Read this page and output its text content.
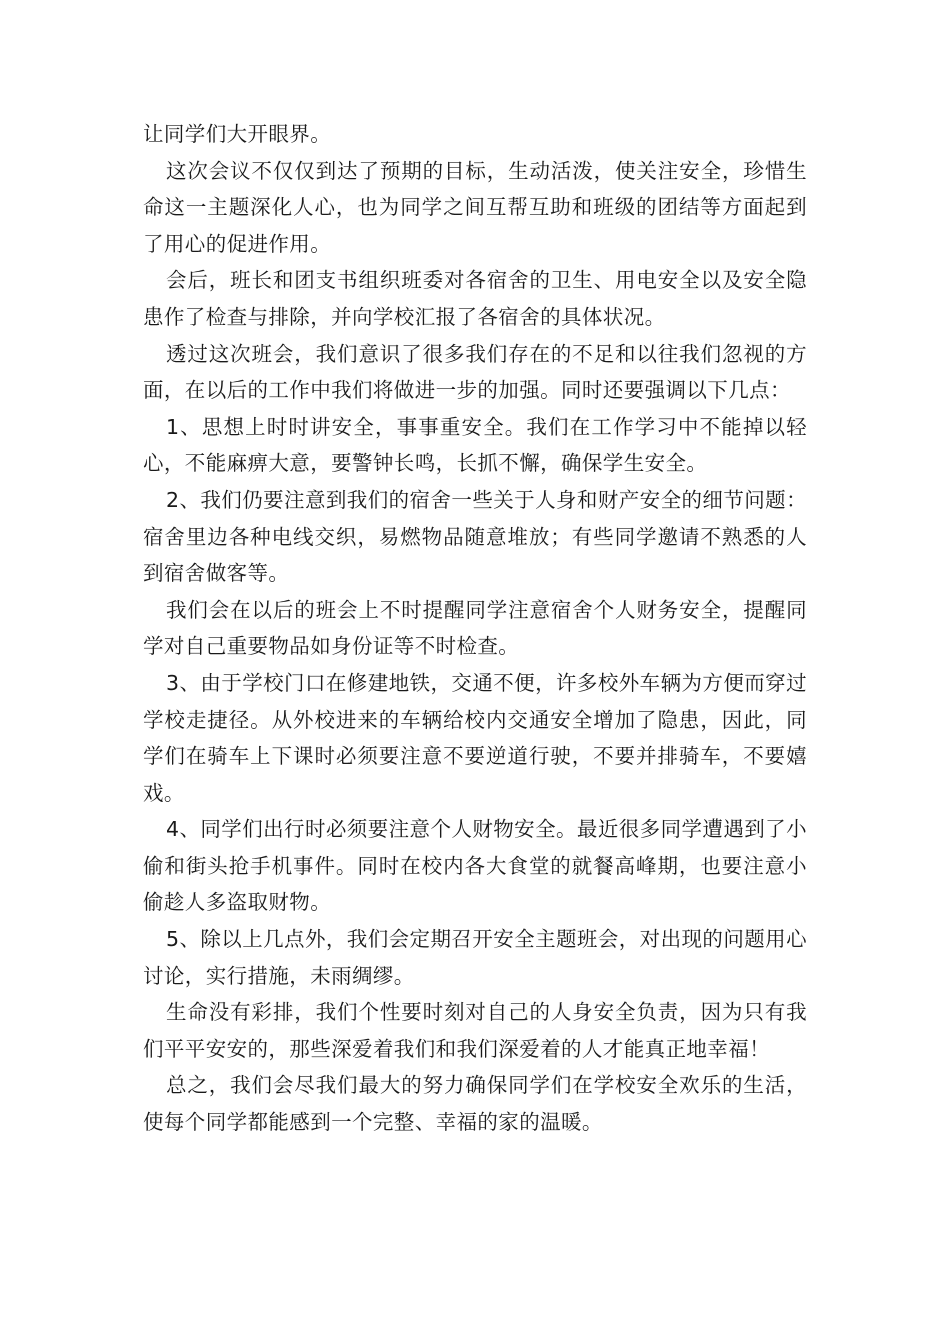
让同学们大开眼界。

这次会议不仅仅到达了预期的目标，生动活泼，使关注安全，珍惜生命这一主题深化人心，也为同学之间互帮互助和班级的团结等方面起到了用心的促进作用。

会后，班长和团支书组织班委对各宿舍的卫生、用电安全以及安全隐患作了检查与排除，并向学校汇报了各宿舍的具体状况。

透过这次班会，我们意识了很多我们存在的不足和以往我们忽视的方面，在以后的工作中我们将做进一步的加强。同时还要强调以下几点：

1、思想上时时讲安全，事事重安全。我们在工作学习中不能掉以轻心，不能麻痹大意，要警钟长鸣，长抓不懈，确保学生安全。

2、我们仍要注意到我们的宿舍一些关于人身和财产安全的细节问题：宿舍里边各种电线交织，易燃物品随意堆放；有些同学邀请不熟悉的人到宿舍做客等。

我们会在以后的班会上不时提醒同学注意宿舍个人财务安全，提醒同学对自己重要物品如身份证等不时检查。

3、由于学校门口在修建地铁，交通不便，许多校外车辆为方便而穿过学校走捷径。从外校进来的车辆给校内交通安全增加了隐患，因此，同学们在骑车上下课时必须要注意不要逆道行驶，不要并排骑车，不要嬉戏。

4、同学们出行时必须要注意个人财物安全。最近很多同学遭遇到了小偷和街头抢手机事件。同时在校内各大食堂的就餐高峰期，也要注意小偷趁人多盗取财物。

5、除以上几点外，我们会定期召开安全主题班会，对出现的问题用心讨论，实行措施，未雨绸缪。

生命没有彩排，我们个性要时刻对自己的人身安全负责，因为只有我们平平安安的，那些深爱着我们和我们深爱着的人才能真正地幸福！

总之，我们会尽我们最大的努力确保同学们在学校安全欢乐的生活，使每个同学都能感到一个完整、幸福的家的温暖。
